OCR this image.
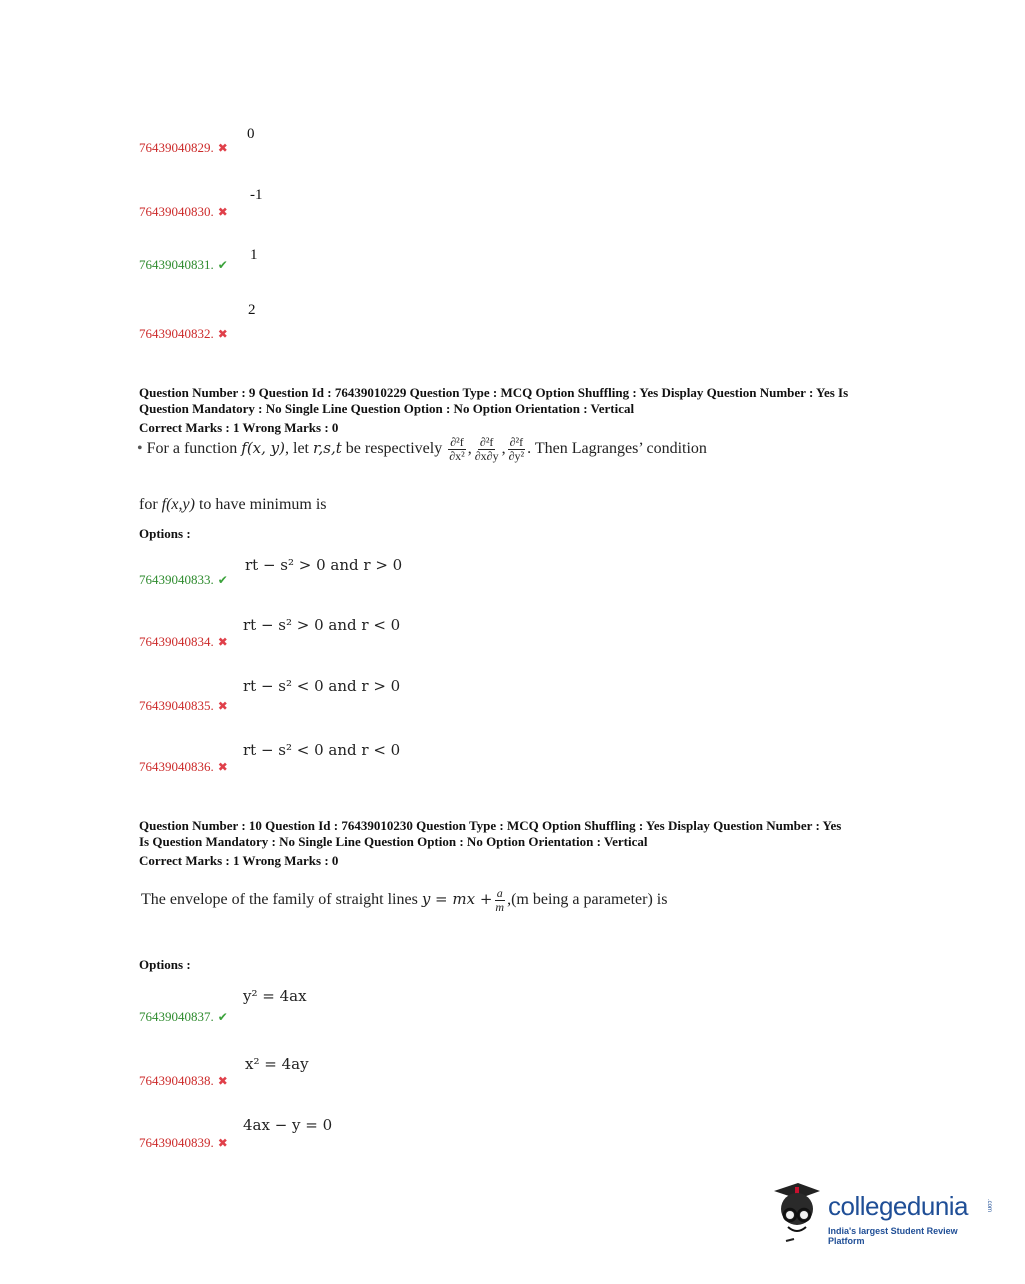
0
76439040829. ✖
-1
76439040830. ✖
1
76439040831. ✔
2
76439040832. ✖
Question Number : 9 Question Id : 76439010229 Question Type : MCQ Option Shuffling : Yes Display Question Number : Yes Is
Question Mandatory : No Single Line Question Option : No Option Orientation : Vertical
Correct Marks : 1 Wrong Marks : 0
• For a function f(x, y), let r,s,t be respectively $\frac{\text{∂²f}}{\text{∂x²}}$ , $\frac{\text{∂²f}}{\partial x\partial y}$ , $\frac{\text{∂²f}}{\text{∂y²}}$ . Then Lagranges’ condition
for f(x,y) to have minimum is
Options :
rt − s² > 0 and r > 0
76439040833. ✔
rt − s² > 0 and r < 0
76439040834. ✖
rt − s² < 0 and r > 0
76439040835. ✖
rt − s² < 0 and r < 0
76439040836. ✖
Question Number : 10 Question Id : 76439010230 Question Type : MCQ Option Shuffling : Yes Display Question Number : Yes
Is Question Mandatory : No Single Line Question Option : No Option Orientation : Vertical
Correct Marks : 1 Wrong Marks : 0
The envelope of the family of straight lines y = mx + $\frac{a}{m} ,(m$ being a parameter) is
Options :
y² = 4ax
76439040837. ✔
x² = 4ay
76439040838. ✖
4ax − y = 0
76439040839. ✖
collegedunia	.com
India's largest Student Review Platform
